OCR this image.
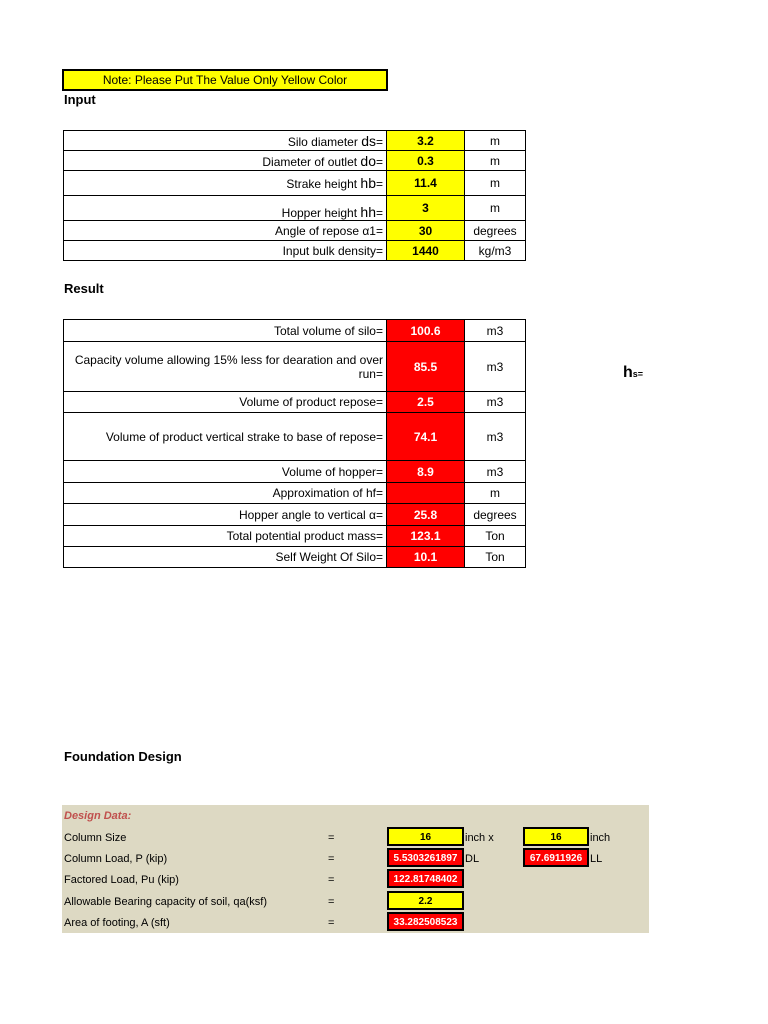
Note: Please Put The Value Only Yellow Color
Input
Silo diameter ds=	3.2	m
Diameter of outlet do=	0.3	m
Strake height hb=	11.4	m
Hopper height hh=	3	m
Angle of repose α1=	30	degrees
Input bulk density=	1440	kg/m3
Result
Total volume of silo=	100.6	m3
Capacity volume allowing 15% less for dearation and over run=	85.5	m3
Volume of product repose=	2.5	m3
Volume of product vertical strake to base of repose=	74.1	m3
Volume of hopper=	8.9	m3
Approximation of hf=		m
Hopper angle to vertical α=	25.8	degrees
Total potential product mass=	123.1	Ton
Self Weight Of Silo=	10.1	Ton
hs=
Foundation Design
Design Data:
Column Size	=	16	inch x	16	inch
Column Load, P (kip)	=	5.5303261897 DL	67.6911926 LL
Factored Load, Pu (kip)	=	122.81748402
Allowable Bearing capacity of soil, qa(ksf)	=	2.2
Area of footing, A (sft)	=	33.282508523
